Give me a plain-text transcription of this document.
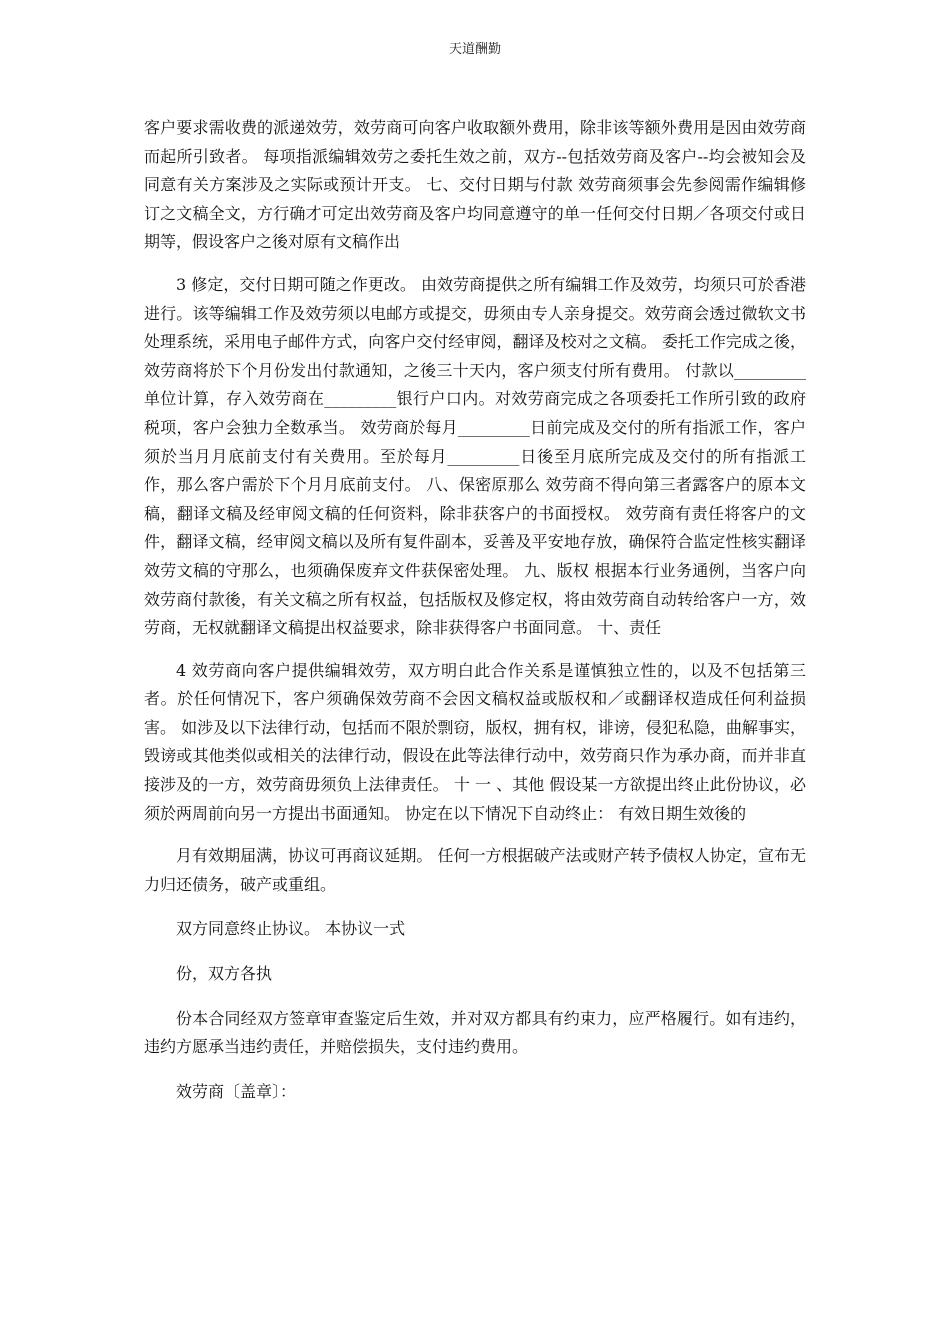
天道酬勤

客户要求需收费的派递效劳，效劳商可向客户收取额外费用，除非该等额外费用是因由效劳商而起所引致者。 每项指派编辑效劳之委托生效之前，双方--包括效劳商及客户--均会被知会及同意有关方案涉及之实际或预计开支。 七、交付日期与付款 效劳商须事会先参阅需作编辑修订之文稿全文，方行确才可定出效劳商及客户均同意遵守的单一任何交付日期／各项交付或日期等，假设客户之後对原有文稿作出

3 修定，交付日期可随之作更改。 由效劳商提供之所有编辑工作及效劳，均须只可於香港进行。该等编辑工作及效劳须以电邮方或提交，毋须由专人亲身提交。效劳商会透过微软文书处理系统，采用电子邮件方式，向客户交付经审阅，翻译及校对之文稿。 委托工作完成之後，效劳商将於下个月份发出付款通知，之後三十天内，客户须支付所有费用。 付款以_________单位计算，存入效劳商在_________银行户口内。对效劳商完成之各项委托工作所引致的政府税项，客户会独力全数承当。 效劳商於每月_________日前完成及交付的所有指派工作，客户须於当月月底前支付有关费用。至於每月_________日後至月底所完成及交付的所有指派工作，那么客户需於下个月月底前支付。 八、保密原那么 效劳商不得向第三者露客户的原本文稿，翻译文稿及经审阅文稿的任何资料，除非获客户的书面授权。 效劳商有责任将客户的文件，翻译文稿，经审阅文稿以及所有复件副本，妥善及平安地存放，确保符合监定性核实翻译效劳文稿的守那么，也须确保废弃文件获保密处理。 九、版权 根据本行业务通例，当客户向效劳商付款後，有关文稿之所有权益，包括版权及修定权，将由效劳商自动转给客户一方，效劳商，无权就翻译文稿提出权益要求，除非获得客户书面同意。 十、责任

4 效劳商向客户提供编辑效劳，双方明白此合作关系是谨慎独立性的，以及不包括第三者。於任何情况下，客户须确保效劳商不会因文稿权益或版权和／或翻译权造成任何利益损害。 如涉及以下法律行动，包括而不限於剽窃，版权，拥有权，诽谤，侵犯私隐，曲解事实，毁谤或其他类似或相关的法律行动，假设在此等法律行动中，效劳商只作为承办商，而并非直接涉及的一方，效劳商毋须负上法律责任。 十 一 、其他 假设某一方欲提出终止此份协议，必须於两周前向另一方提出书面通知。 协定在以下情况下自动终止： 有效日期生效後的

月有效期届满，协议可再商议延期。 任何一方根据破产法或财产转予债权人协定，宣布无力归还债务，破产或重组。

双方同意终止协议。 本协议一式

份，双方各执

份本合同经双方签章审查鉴定后生效，并对双方都具有约束力，应严格履行。如有违约，违约方愿承当违约责任，并赔偿损失，支付违约费用。

效劳商〔盖章〕：
